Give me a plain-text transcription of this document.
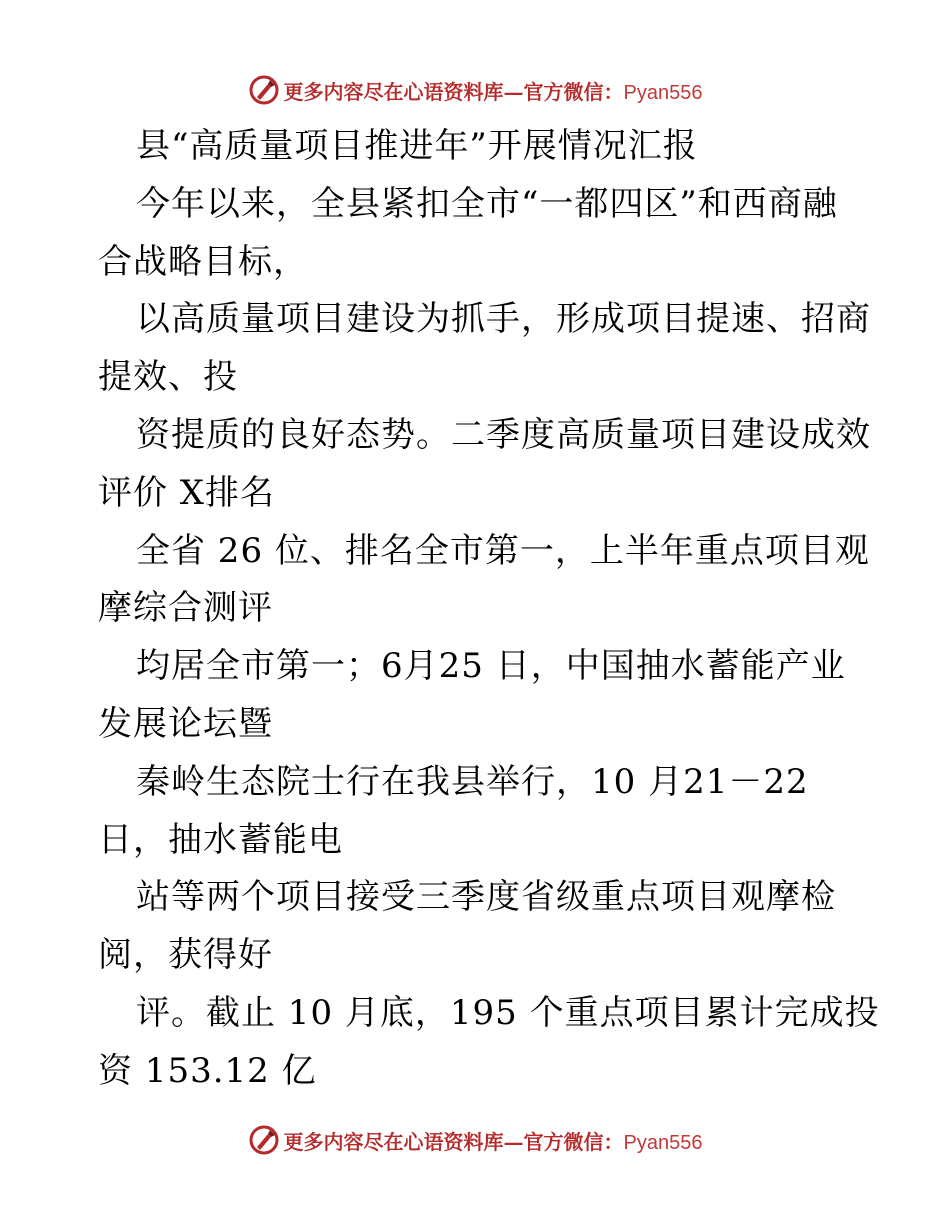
更多内容尽在心语资料库—官方微信：Pyan556
县“高质量项目推进年”开展情况汇报
今年以来，全县紧扣全市“一都四区”和西商融
合战略目标，
以高质量项目建设为抓手，形成项目提速、招商
提效、投
资提质的良好态势。二季度高质量项目建设成效
评价 X排名
全省 26 位、排名全市第一，上半年重点项目观
摩综合测评
均居全市第一；6月25 日，中国抽水蓄能产业
发展论坛暨
秦岭生态院士行在我县举行，10 月21－22
日，抽水蓄能电
站等两个项目接受三季度省级重点项目观摩检
阅，获得好
评。截止 10 月底，195 个重点项目累计完成投
资 153.12 亿
更多内容尽在心语资料库—官方微信：Pyan556
